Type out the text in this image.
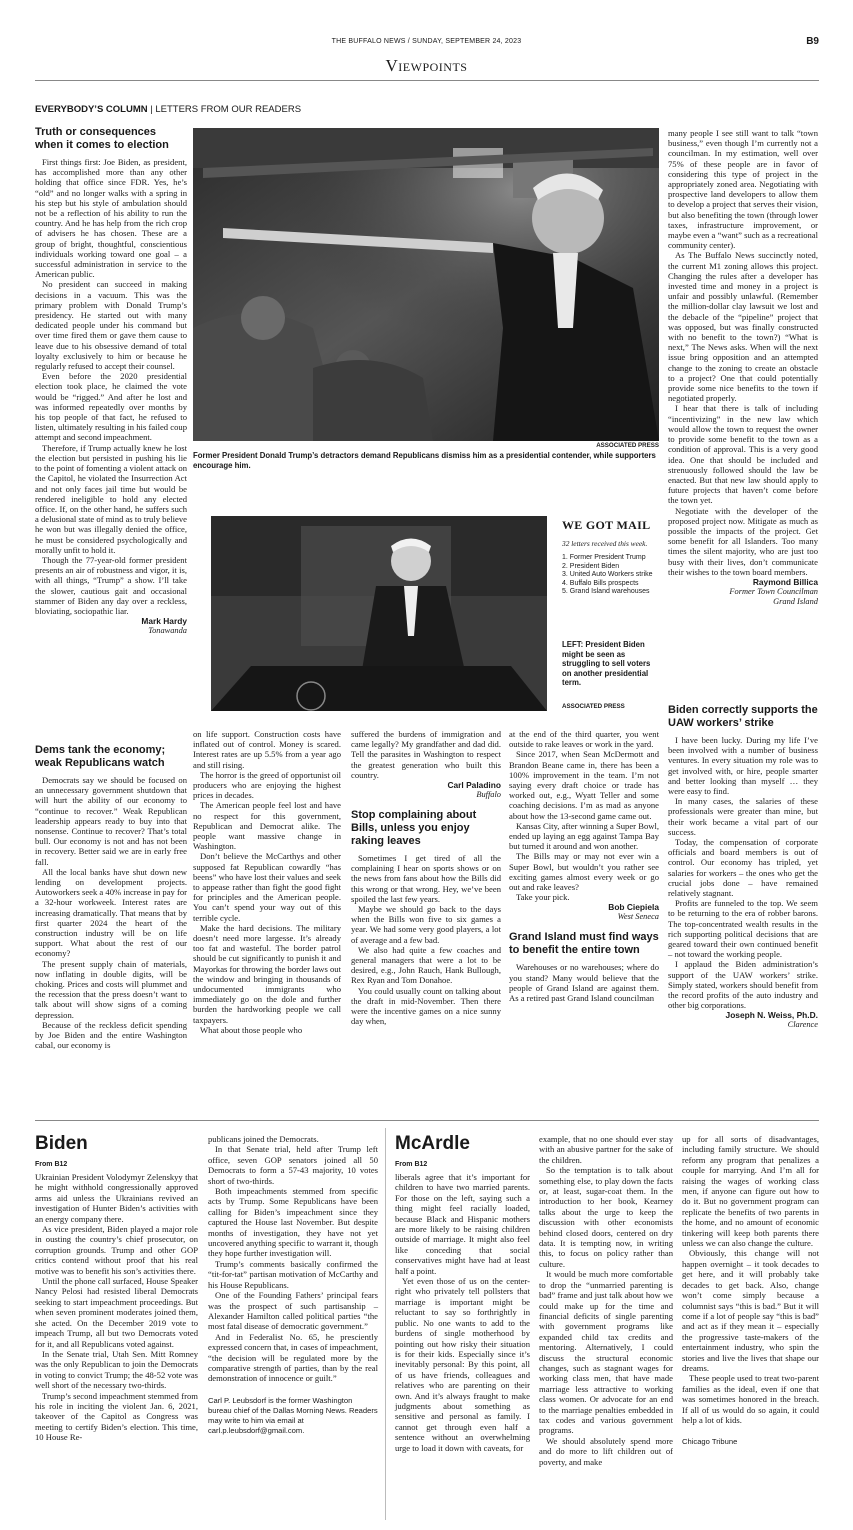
THE BUFFALO NEWS / SUNDAY, SEPTEMBER 24, 2023	B9
Viewpoints
EVERYBODY’S COLUMN | LETTERS FROM OUR READERS
Truth or consequences when it comes to election

First things first: Joe Biden, as president, has accomplished more than any other holding that office since FDR. Yes, he’s “old” and no longer walks with a spring in his step but his style of ambulation should not be a reflection of his ability to run the country. And he has help from the rich crop of advisers he has chosen. These are a group of bright, thoughtful, conscientious individuals working toward one goal – a successful administration in service to the American public.

No president can succeed in making decisions in a vacuum. This was the primary problem with Donald Trump’s presidency. He started out with many dedicated people under his command but over time fired them or gave them cause to leave due to his obsessive demand of total loyalty exclusively to him or because he regularly refused to accept their counsel.

Even before the 2020 presidential election took place, he claimed the vote would be “rigged.” And after he lost and was informed repeatedly over months by his top people of that fact, he refused to listen, ultimately resulting in his failed coup attempt and second impeachment.

Therefore, if Trump actually knew he lost the election but persisted in pushing his lie to the point of fomenting a violent attack on the Capitol, he violated the Insurrection Act and not only faces jail time but would be rendered ineligible to hold any elected office. If, on the other hand, he suffers such a delusional state of mind as to truly believe he won but was illegally denied the office, he must be considered psychologically and morally unfit to hold it.

Though the 77-year-old former president presents an air of robustness and vigor, it is, with all things, “Trump” a show. I’ll take the slower, cautious gait and occasional stammer of Biden any day over a reckless, bloviating, sociopathic liar.

Mark Hardy
Tonawanda
ASSOCIATED PRESS
Former President Donald Trump’s detractors demand Republicans dismiss him as a presidential contender, while supporters encourage him.
WE GOT MAIL
32 letters received this week.
1. Former President Trump
2. President Biden
3. United Auto Workers strike
4. Buffalo Bills prospects
5. Grand Island warehouses
LEFT: President Biden might be seen as struggling to sell voters on another presidential term.
ASSOCIATED PRESS

many people I see still want to talk “town business,” even though I’m currently not a councilman. In my estimation, well over 75% of these people are in favor of considering this type of project in the appropriately zoned area. Negotiating with prospective land developers to allow them to develop a project that serves their vision, but also benefiting the town (through lower taxes, infrastructure improvement, or maybe even a “want” such as a recreational community center).

As The Buffalo News succinctly noted, the current M1 zoning allows this project. Changing the rules after a developer has invested time and money in a project is unfair and possibly unlawful. (Remember the million-dollar clay lawsuit we lost and the debacle of the “pipeline” project that was opposed, but was finally constructed with no benefit to the town?) “What is next,” The News asks. When will the next issue bring opposition and an attempted change to the zoning to create an obstacle to a project? One that could potentially provide some nice benefits to the town if negotiated properly.

I hear that there is talk of including “incentivizing” in the new law which would allow the town to request the owner to provide some benefit to the town as a condition of approval. This is a very good idea. One that should be included and strenuously followed should the law be enacted. But that new law should apply to future projects that haven’t come before the town yet.

Negotiate with the developer of the proposed project now. Mitigate as much as possible the impacts of the project. Get some benefit for all Islanders. Too many times the silent majority, who are just too busy with their lives, don’t communicate their wishes to the town board members.

Raymond Billica
Former Town Councilman
Grand Island
Biden correctly supports the UAW workers’ strike

I have been lucky. During my life I’ve been involved with a number of business ventures. In every situation my role was to get involved with, or hire, people smarter and better looking than myself … they were easy to find.

In many cases, the salaries of these professionals were greater than mine, but their work became a vital part of our success.

Today, the compensation of corporate officials and board members is out of control. Our economy has tripled, yet salaries for workers – the ones who get the crucial jobs done – have remained relatively stagnant.

Profits are funneled to the top. We seem to be returning to the era of robber barons. The top-concentrated wealth results in the rich supporting political decisions that are geared toward their own continued benefit – not toward the working people.

I applaud the Biden administration’s support of the UAW workers’ strike. Simply stated, workers should benefit from the record profits of the auto industry and other big corporations.

Joseph N. Weiss, Ph.D.
Clarence
Dems tank the economy; weak Republicans watch

Democrats say we should be focused on an unnecessary government shutdown that will hurt the ability of our economy to “continue to recover.” Weak Republican leadership appears ready to buy into that nonsense. Continue to recover? That’s total bull. Our economy is not and has not been in recovery. Better said we are in early free fall.

All the local banks have shut down new lending on development projects. Autoworkers seek a 40% increase in pay for a 32-hour workweek. Interest rates are increasing dramatically. That means that by first quarter 2024 the heart of the construction industry will be on life support. What about the rest of our economy?

The present supply chain of materials, now inflating in double digits, will be choking. Prices and costs will plummet and the recession that the press doesn’t want to talk about will show signs of a coming depression.

Because of the reckless deficit spending by Joe Biden and the entire Washington cabal, our economy is

on life support. Construction costs have inflated out of control. Money is scared. Interest rates are up 5.5% from a year ago and still rising.

The horror is the greed of opportunist oil producers who are enjoying the highest prices in decades.

The American people feel lost and have no respect for this government, Republican and Democrat alike. The people want massive change in Washington.

Don’t believe the McCarthys and other supposed fat Republican cowardly “has beens” who have lost their values and seek to appease rather than fight the good fight for principles and the American people. You can’t spend your way out of this terrible cycle.

Make the hard decisions. The military doesn’t need more largesse. It’s already too fat and wasteful. The border patrol should be cut significantly to punish it and Mayorkas for throwing the border laws out the window and bringing in thousands of undocumented immigrants who immediately go on the dole and further burden the hardworking people we call taxpayers.

What about those people who

suffered the burdens of immigration and came legally? My grandfather and dad did. Tell the parasites in Washington to respect the greatest generation who built this country.

Carl Paladino
Buffalo
Stop complaining about Bills, unless you enjoy raking leaves

Sometimes I get tired of all the complaining I hear on sports shows or on the news from fans about how the Bills did this wrong or that wrong. Hey, we’ve been spoiled the last few years.

Maybe we should go back to the days when the Bills won five to six games a year. We had some very good players, a lot of average and a few bad.

We also had quite a few coaches and general managers that were a lot to be desired, e.g., John Rauch, Hank Bullough, Rex Ryan and Tom Donahoe.

You could usually count on talking about the draft in mid-November. Then there were the incentive games on a nice sunny day when,

at the end of the third quarter, you went outside to rake leaves or work in the yard.

Since 2017, when Sean McDermott and Brandon Beane came in, there has been a 100% improvement in the team. I’m not saying every draft choice or trade has worked out, e.g., Wyatt Teller and some coaching decisions. I’m as mad as anyone about how the 13-second game came out.

Kansas City, after winning a Super Bowl, ended up laying an egg against Tampa Bay but turned it around and won another.

The Bills may or may not ever win a Super Bowl, but wouldn’t you rather see exciting games almost every week or go out and rake leaves?

Take your pick.

Bob Ciepiela
West Seneca
Grand Island must find ways to benefit the entire town

Warehouses or no warehouses; where do you stand? Many would believe that the people of Grand Island are against them. As a retired past Grand Island councilman

Biden
From B12

Ukrainian President Volodymyr Zelenskyy that he might withhold congressionally approved arms aid unless the Ukrainians revived an investigation of Hunter Biden’s activities with an energy company there.

As vice president, Biden played a major role in ousting the country’s chief prosecutor, on corruption grounds. Trump and other GOP critics contend without proof that his real motive was to benefit his son’s activities there.

Until the phone call surfaced, House Speaker Nancy Pelosi had resisted liberal Democrats seeking to start impeachment proceedings. But when seven prominent moderates joined them, she acted. On the December 2019 vote to impeach Trump, all but two Democrats voted for it, and all Republicans voted against.

In the Senate trial, Utah Sen. Mitt Romney was the only Republican to join the Democrats in voting to convict Trump; the 48-52 vote was well short of the necessary two-thirds.

Trump’s second impeachment stemmed from his role in inciting the violent Jan. 6, 2021, takeover of the Capitol as Congress was meeting to certify Biden’s election. This time, 10 House Re-

publicans joined the Democrats.

In that Senate trial, held after Trump left office, seven GOP senators joined all 50 Democrats to form a 57-43 majority, 10 votes short of two-thirds.

Both impeachments stemmed from specific acts by Trump. Some Republicans have been calling for Biden’s impeachment since they captured the House last November. But despite months of investigation, they have not yet uncovered anything specific to warrant it, though they hope further investigation will.

Trump’s comments basically confirmed the “tit-for-tat” partisan motivation of McCarthy and his House Republicans.

One of the Founding Fathers’ principal fears was the prospect of such partisanship – Alexander Hamilton called political parties “the most fatal disease of democratic government.”

And in Federalist No. 65, he presciently expressed concern that, in cases of impeachment, “the decision will be regulated more by the comparative strength of parties, than by the real demonstration of innocence or guilt.”

Carl P. Leubsdorf is the former Washington bureau chief of the Dallas Morning News. Readers may write to him via email at carl.p.leubsdorf@gmail.com.
McArdle
From B12

liberals agree that it’s important for children to have two married parents. For those on the left, saying such a thing might feel racially loaded, because Black and Hispanic mothers are more likely to be raising children outside of marriage. It might also feel like conceding that social conservatives might have had at least half a point.

Yet even those of us on the center-right who privately tell pollsters that marriage is important might be reluctant to say so forthrightly in public. No one wants to add to the burdens of single motherhood by pointing out how risky their situation is for their kids. Especially since it’s inevitably personal: By this point, all of us have friends, colleagues and relatives who are parenting on their own. And it’s always fraught to make judgments about something as sensitive and personal as family. I cannot get through even half a sentence without an overwhelming urge to load it down with caveats, for

example, that no one should ever stay with an abusive partner for the sake of the children.

So the temptation is to talk about something else, to play down the facts or, at least, sugar-coat them. In the introduction to her book, Kearney talks about the urge to keep the discussion with other economists behind closed doors, centered on dry data. It is tempting now, in writing this, to focus on policy rather than culture.

It would be much more comfortable to drop the “unmarried parenting is bad” frame and just talk about how we could make up for the time and financial deficits of single parenting with government programs like expanded child tax credits and mentoring. Alternatively, I could discuss the structural economic changes, such as stagnant wages for working class men, that have made marriage less attractive to working class women. Or advocate for an end to the marriage penalties embedded in tax codes and various government programs.

We should absolutely spend more and do more to lift children out of poverty, and make

up for all sorts of disadvantages, including family structure. We should reform any program that penalizes a couple for marrying. And I’m all for raising the wages of working class men, if anyone can figure out how to do it. But no government program can replicate the benefits of two parents in the home, and no amount of economic tinkering will keep both parents there unless we can also change the culture.

Obviously, this change will not happen overnight – it took decades to get here, and it will probably take decades to get back. Also, change won’t come simply because a columnist says “this is bad.” But it will come if a lot of people say “this is bad” and act as if they mean it – especially the progressive taste-makers of the entertainment industry, who spin the stories and live the lives that shape our dreams.

These people used to treat two-parent families as the ideal, even if one that was sometimes honored in the breach. If all of us would do so again, it could help a lot of kids.

Chicago Tribune
